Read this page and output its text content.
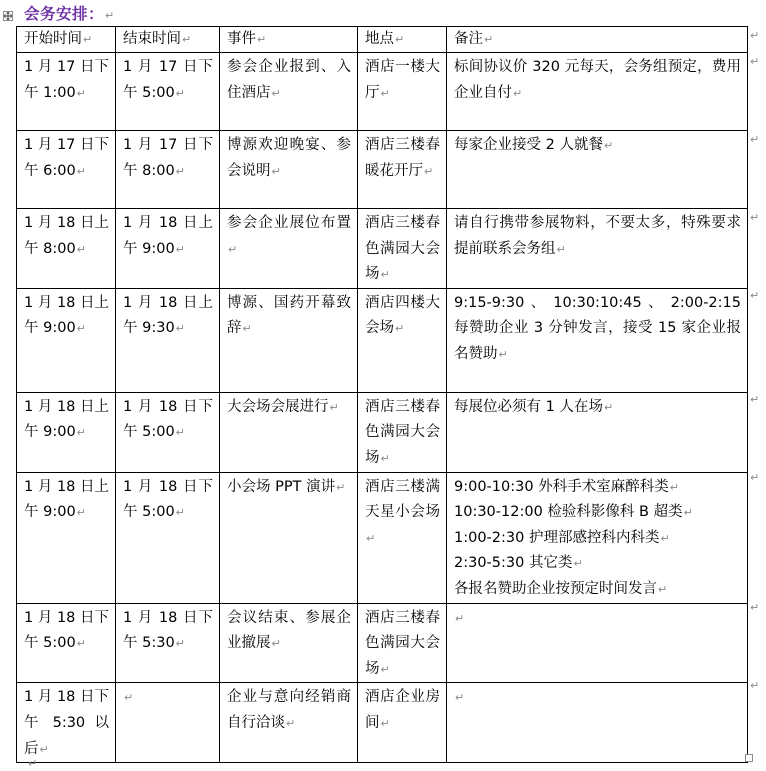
会务安排：↵
开始时间↵	结束时间↵	事件↵	地点↵	备注↵
1 月 17 日下午 1:00↵	1 月 17 日下午 5:00↵	参会企业报到、入住酒店↵	酒店一楼大厅↵	标间协议价 320 元每天，会务组预定，费用企业自付↵

1 月 17 日下午 6:00↵	1 月 17 日下午 8:00↵	博源欢迎晚宴、参会说明↵	酒店三楼春暖花开厅↵	每家企业接受 2 人就餐↵

1 月 18 日上午 8:00↵	1 月 18 日上午 9:00↵	参会企业展位布置↵	酒店三楼春色满园大会场↵	请自行携带参展物料，不要太多，特殊要求提前联系会务组↵

1 月 18 日上午 9:00↵	1 月 18 日上午 9:30↵	博源、国药开幕致辞↵	酒店四楼大会场↵	9:15-9:30 、 10:30:10:45 、 2:00-2:15 每赞助企业 3 分钟发言，接受 15 家企业报名赞助↵

1 月 18 日上午 9:00↵	1 月 18 日下午 5:00↵	大会场会展进行↵	酒店三楼春色满园大会场↵	每展位必须有 1 人在场↵

1 月 18 日上午 9:00↵	1 月 18 日下午 5:00↵	小会场 PPT 演讲↵	酒店三楼满天星小会场↵	9:00-10:30 外科手术室麻醉科类↵
10:30-12:00 检验科影像科 B 超类↵
1:00-2:30 护理部感控科内科类↵
2:30-5:30 其它类↵
各报名赞助企业按预定时间发言↵

1 月 18 日下午 5:00↵	1 月 18 日下午 5:30↵	会议结束、参展企业撤展↵	酒店三楼春色满园大会场↵	↵

1 月 18 日下午 5:30 以后↵	↵	企业与意向经销商自行洽谈↵	酒店企业房间↵	↵
↵
↵
↵
↵
↵
↵
↵
↵
↵
↵
